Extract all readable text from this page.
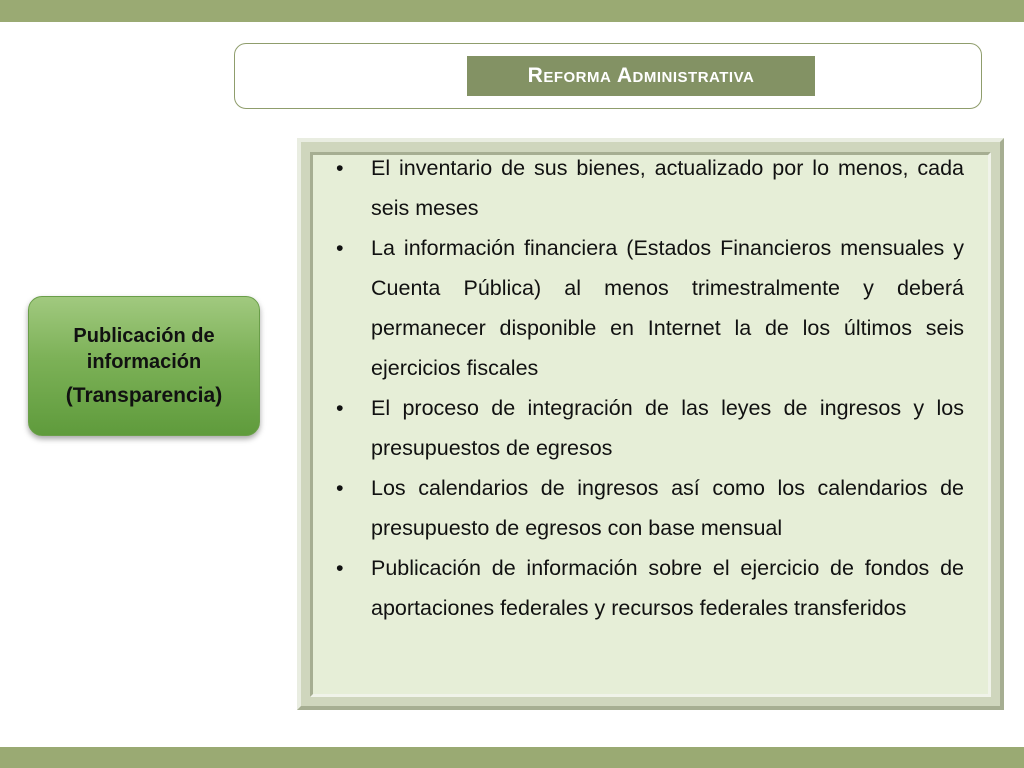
Reforma Administrativa
Publicación de
información
(Transparencia)
•	El inventario de sus bienes, actualizado por lo menos, cada seis meses
•	La información financiera (Estados Financieros mensuales y Cuenta Pública) al menos trimestralmente y deberá permanecer disponible en Internet la de los últimos seis ejercicios fiscales
•	El proceso de integración de las leyes de ingresos y los presupuestos de egresos
•	Los calendarios de ingresos así como los calendarios de presupuesto de egresos con base mensual
•	Publicación de información sobre el ejercicio de fondos de aportaciones federales y recursos federales transferidos
